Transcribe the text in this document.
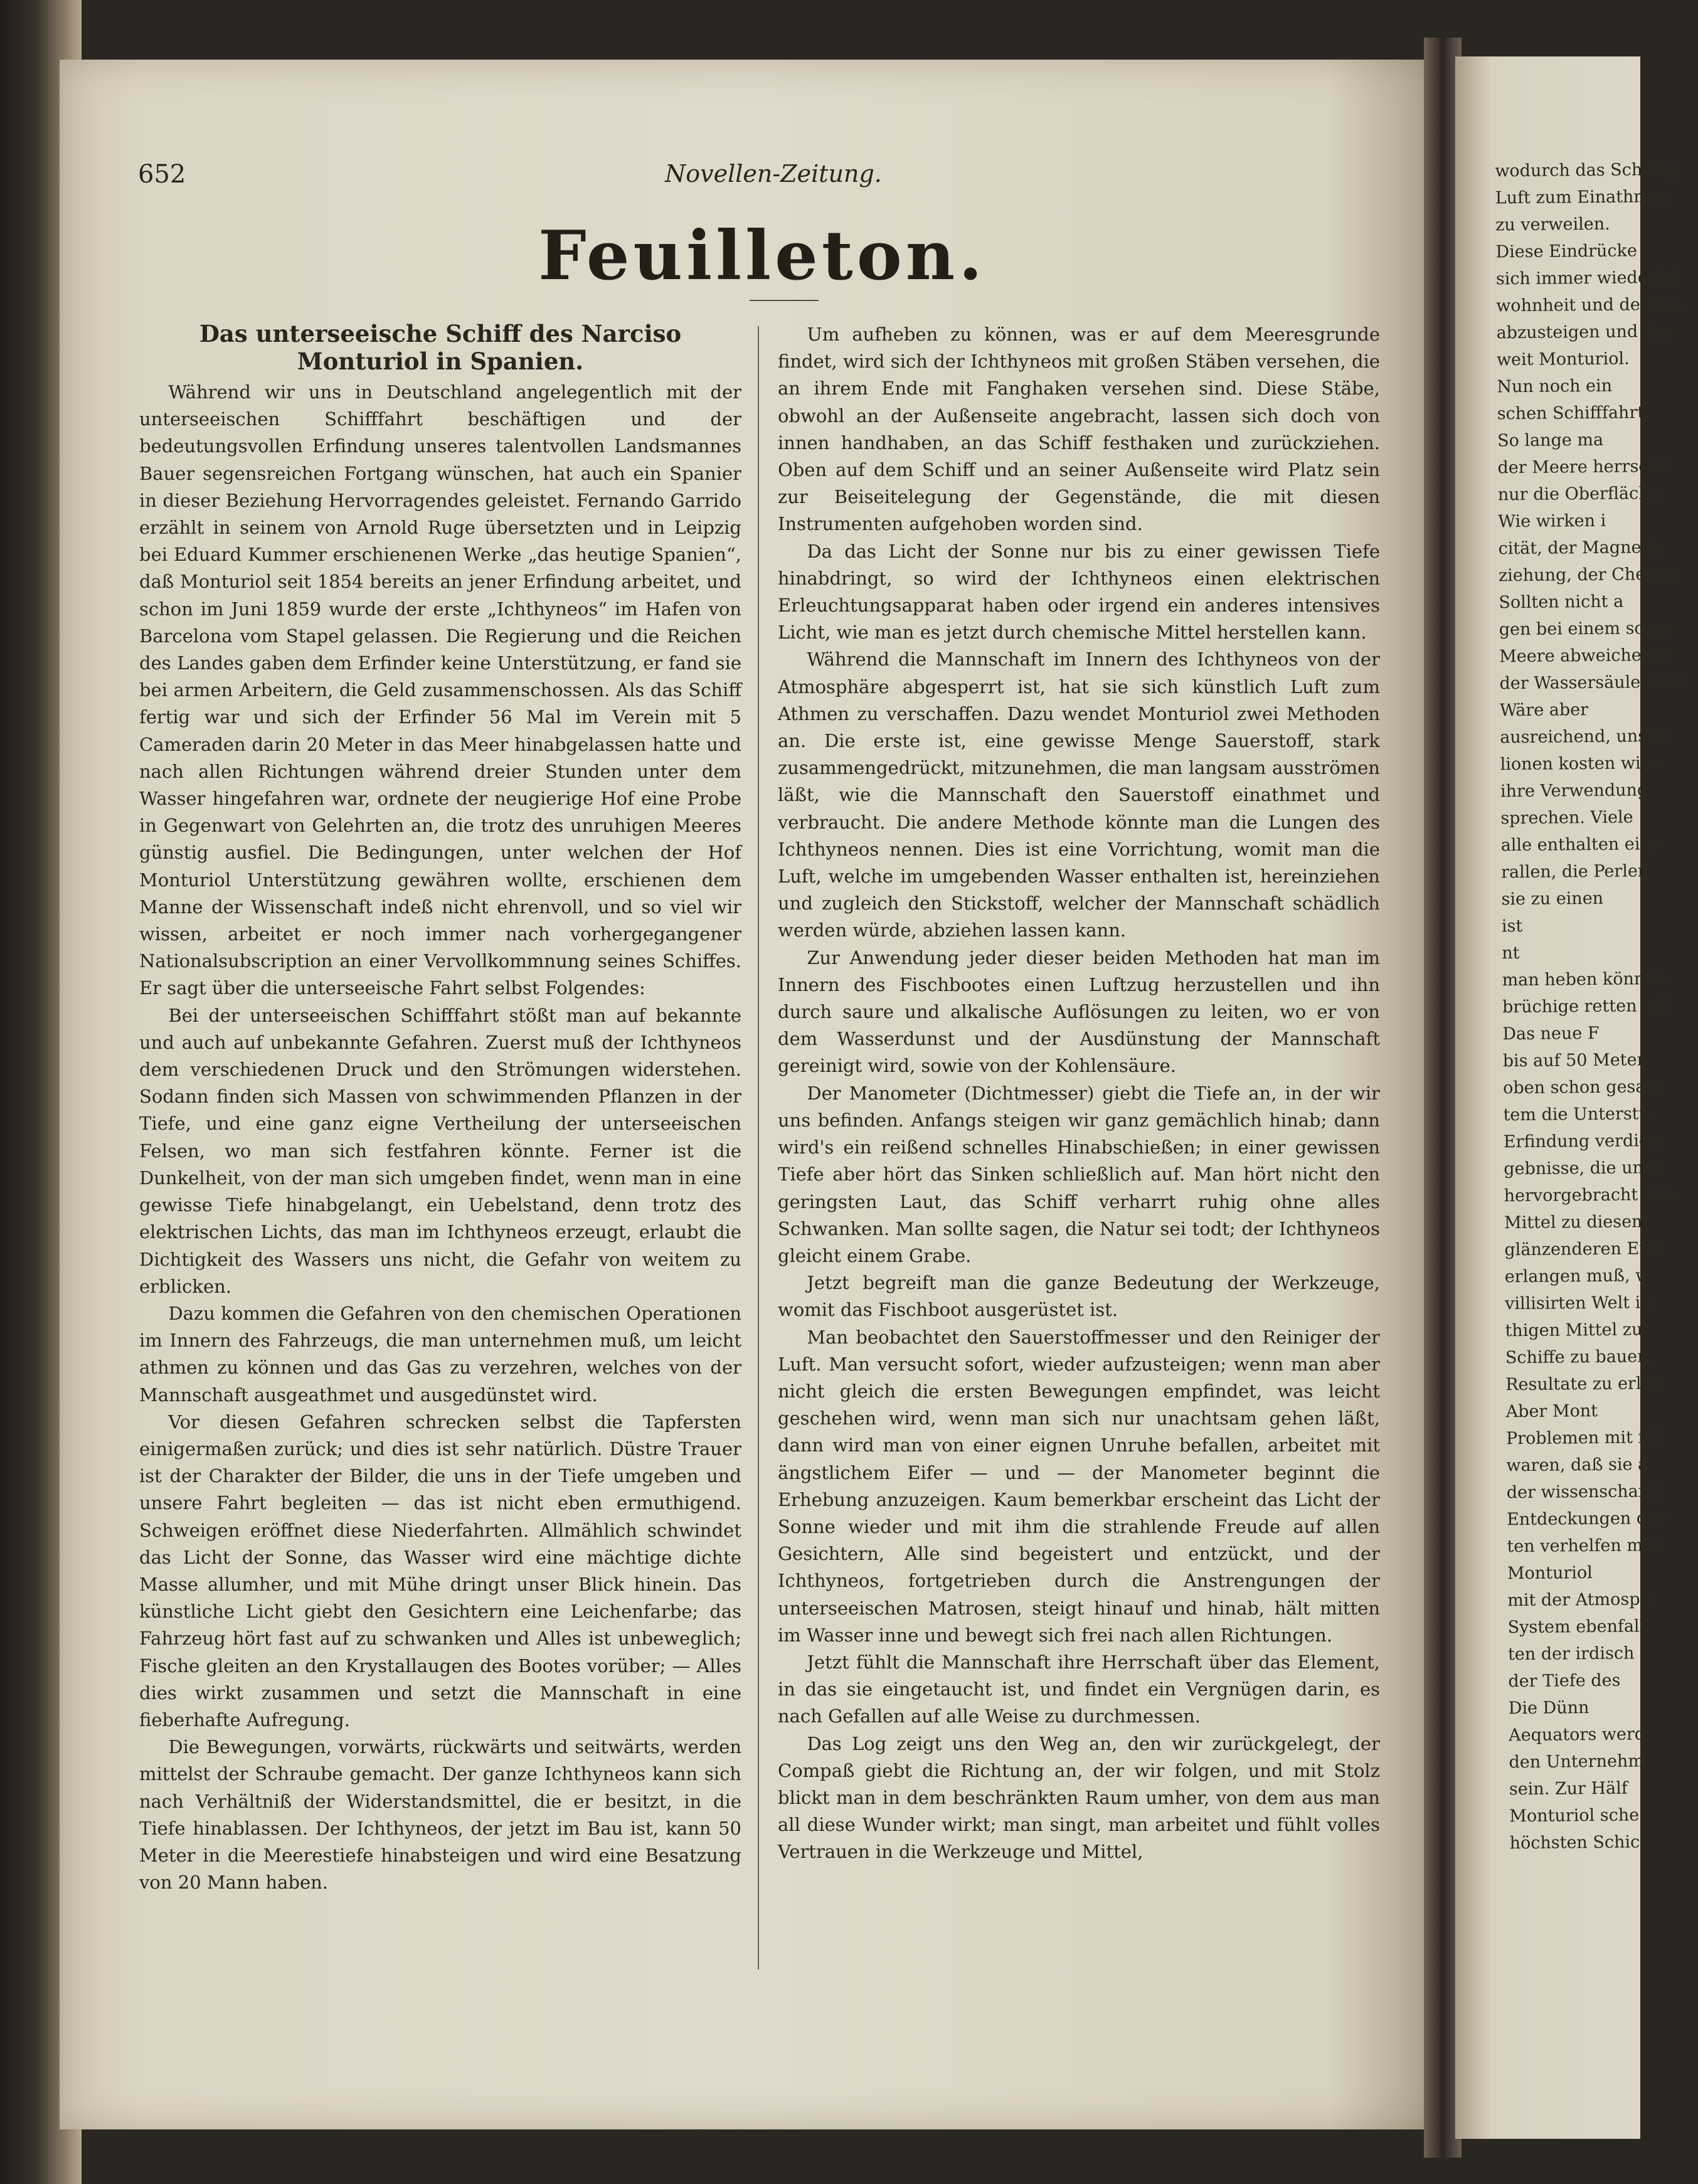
wodurch das Schiff g
Luft zum Einathmen
zu verweilen.
Diese Eindrücke
sich immer wiederhol
wohnheit und denkt s
abzusteigen und das
weit Monturiol.
Nun noch ein
schen Schifffahrt.
So lange ma
der Meere herrsche
nur die Oberfläche
Wie wirken i
cität, der Magnetis
ziehung, der Chemie
Sollten nicht a
gen bei einem so ga
Meere abweichende
der Wassersäule muß
Wäre aber
ausreichend, uns in
lionen kosten wird
ihre Verwendung
sprechen. Viele
alle enthalten eine
rallen, die Perlen
sie zu einen
ist
nt
man heben können
brüchige retten laß
Das neue F
bis auf 50 Meter
oben schon gesagt
tem die Unterstü
Erfindung verdien
gebnisse, die unse
hervorgebracht hab
Mittel zu diesem
glänzenderen Erfo
erlangen muß, w
villisirten Welt in
thigen Mittel zu
Schiffe zu bauen,
Resultate zu erlan
Aber Mont
Problemen mit fol
waren, daß sie a
der wissenschaftli
Entdeckungen der
ten verhelfen müs
Monturiol
mit der Atmosph
System ebenfall
ten der irdisch
der Tiefe des
Die Dünn
Aequators werd
den Unternehm
sein. Zur Hälf
Monturiol sche
höchsten Schich
652	Novellen-Zeitung.
Feuilleton.
Das unterseeische Schiff des Narciso Monturiol in Spanien.

Während wir uns in Deutschland angelegentlich mit der unterseeischen Schifffahrt beschäftigen und der bedeutungsvollen Erfindung unseres talentvollen Landsmannes Bauer segensreichen Fortgang wünschen, hat auch ein Spanier in dieser Beziehung Hervorragendes geleistet. Fernando Garrido erzählt in seinem von Arnold Ruge übersetzten und in Leipzig bei Eduard Kummer erschienenen Werke „das heutige Spanien“, daß Monturiol seit 1854 bereits an jener Erfindung arbeitet, und schon im Juni 1859 wurde der erste „Ichthyneos“ im Hafen von Barcelona vom Stapel gelassen. Die Regierung und die Reichen des Landes gaben dem Erfinder keine Unterstützung, er fand sie bei armen Arbeitern, die Geld zusammenschossen. Als das Schiff fertig war und sich der Erfinder 56 Mal im Verein mit 5 Cameraden darin 20 Meter in das Meer hinabgelassen hatte und nach allen Richtungen während dreier Stunden unter dem Wasser hingefahren war, ordnete der neugierige Hof eine Probe in Gegenwart von Gelehrten an, die trotz des unruhigen Meeres günstig ausfiel. Die Bedingungen, unter welchen der Hof Monturiol Unterstützung gewähren wollte, erschienen dem Manne der Wissenschaft indeß nicht ehrenvoll, und so viel wir wissen, arbeitet er noch immer nach vorhergegangener Nationalsubscription an einer Vervollkommnung seines Schiffes. Er sagt über die unterseeische Fahrt selbst Folgendes:

Bei der unterseeischen Schifffahrt stößt man auf bekannte und auch auf unbekannte Gefahren. Zuerst muß der Ichthyneos dem verschiedenen Druck und den Strömungen widerstehen. Sodann finden sich Massen von schwimmenden Pflanzen in der Tiefe, und eine ganz eigne Vertheilung der unterseeischen Felsen, wo man sich festfahren könnte. Ferner ist die Dunkelheit, von der man sich umgeben findet, wenn man in eine gewisse Tiefe hinabgelangt, ein Uebelstand, denn trotz des elektrischen Lichts, das man im Ichthyneos erzeugt, erlaubt die Dichtigkeit des Wassers uns nicht, die Gefahr von weitem zu erblicken.

Dazu kommen die Gefahren von den chemischen Operationen im Innern des Fahrzeugs, die man unternehmen muß, um leicht athmen zu können und das Gas zu verzehren, welches von der Mannschaft ausgeathmet und ausgedünstet wird.

Vor diesen Gefahren schrecken selbst die Tapfersten einigermaßen zurück; und dies ist sehr natürlich. Düstre Trauer ist der Charakter der Bilder, die uns in der Tiefe umgeben und unsere Fahrt begleiten — das ist nicht eben ermuthigend. Schweigen eröffnet diese Niederfahrten. Allmählich schwindet das Licht der Sonne, das Wasser wird eine mächtige dichte Masse allumher, und mit Mühe dringt unser Blick hinein. Das künstliche Licht giebt den Gesichtern eine Leichenfarbe; das Fahrzeug hört fast auf zu schwanken und Alles ist unbeweglich; Fische gleiten an den Krystallaugen des Bootes vorüber; — Alles dies wirkt zusammen und setzt die Mannschaft in eine fieberhafte Aufregung.

Die Bewegungen, vorwärts, rückwärts und seitwärts, werden mittelst der Schraube gemacht. Der ganze Ichthyneos kann sich nach Verhältniß der Widerstandsmittel, die er besitzt, in die Tiefe hinablassen. Der Ichthyneos, der jetzt im Bau ist, kann 50 Meter in die Meerestiefe hinabsteigen und wird eine Besatzung von 20 Mann haben.

Um aufheben zu können, was er auf dem Meeresgrunde findet, wird sich der Ichthyneos mit großen Stäben versehen, die an ihrem Ende mit Fanghaken versehen sind. Diese Stäbe, obwohl an der Außenseite angebracht, lassen sich doch von innen handhaben, an das Schiff festhaken und zurückziehen. Oben auf dem Schiff und an seiner Außenseite wird Platz sein zur Beiseitelegung der Gegenstände, die mit diesen Instrumenten aufgehoben worden sind.

Da das Licht der Sonne nur bis zu einer gewissen Tiefe hinabdringt, so wird der Ichthyneos einen elektrischen Erleuchtungsapparat haben oder irgend ein anderes intensives Licht, wie man es jetzt durch chemische Mittel herstellen kann.

Während die Mannschaft im Innern des Ichthyneos von der Atmosphäre abgesperrt ist, hat sie sich künstlich Luft zum Athmen zu verschaffen. Dazu wendet Monturiol zwei Methoden an. Die erste ist, eine gewisse Menge Sauerstoff, stark zusammengedrückt, mitzunehmen, die man langsam ausströmen läßt, wie die Mannschaft den Sauerstoff einathmet und verbraucht. Die andere Methode könnte man die Lungen des Ichthyneos nennen. Dies ist eine Vorrichtung, womit man die Luft, welche im umgebenden Wasser enthalten ist, hereinziehen und zugleich den Stickstoff, welcher der Mannschaft schädlich werden würde, abziehen lassen kann.

Zur Anwendung jeder dieser beiden Methoden hat man im Innern des Fischbootes einen Luftzug herzustellen und ihn durch saure und alkalische Auflösungen zu leiten, wo er von dem Wasserdunst und der Ausdünstung der Mannschaft gereinigt wird, sowie von der Kohlensäure.

Der Manometer (Dichtmesser) giebt die Tiefe an, in der wir uns befinden. Anfangs steigen wir ganz gemächlich hinab; dann wird's ein reißend schnelles Hinabschießen; in einer gewissen Tiefe aber hört das Sinken schließlich auf. Man hört nicht den geringsten Laut, das Schiff verharrt ruhig ohne alles Schwanken. Man sollte sagen, die Natur sei todt; der Ichthyneos gleicht einem Grabe.

Jetzt begreift man die ganze Bedeutung der Werkzeuge, womit das Fischboot ausgerüstet ist.

Man beobachtet den Sauerstoffmesser und den Reiniger der Luft. Man versucht sofort, wieder aufzusteigen; wenn man aber nicht gleich die ersten Bewegungen empfindet, was leicht geschehen wird, wenn man sich nur unachtsam gehen läßt, dann wird man von einer eignen Unruhe befallen, arbeitet mit ängstlichem Eifer — und — der Manometer beginnt die Erhebung anzuzeigen. Kaum bemerkbar erscheint das Licht der Sonne wieder und mit ihm die strahlende Freude auf allen Gesichtern, Alle sind begeistert und entzückt, und der Ichthyneos, fortgetrieben durch die Anstrengungen der unterseeischen Matrosen, steigt hinauf und hinab, hält mitten im Wasser inne und bewegt sich frei nach allen Richtungen.

Jetzt fühlt die Mannschaft ihre Herrschaft über das Element, in das sie eingetaucht ist, und findet ein Vergnügen darin, es nach Gefallen auf alle Weise zu durchmessen.

Das Log zeigt uns den Weg an, den wir zurückgelegt, der Compaß giebt die Richtung an, der wir folgen, und mit Stolz blickt man in dem beschränkten Raum umher, von dem aus man all diese Wunder wirkt; man singt, man arbeitet und fühlt volles Vertrauen in die Werkzeuge und Mittel,
